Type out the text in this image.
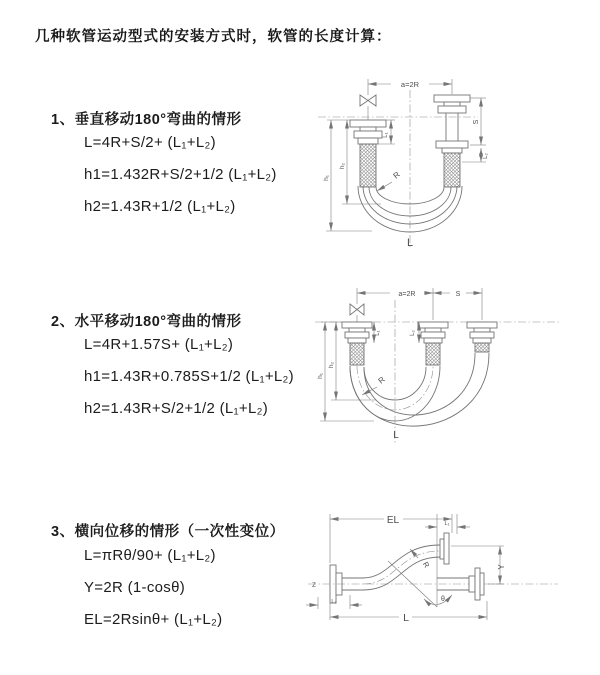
几种软管运动型式的安装方式时，软管的长度计算：
1、垂直移动180°弯曲的情形
L=4R+S/2+ (L₁+L₂)
h1=1.432R+S/2+1/2 (L₁+L₂)
h2=1.43R+1/2 (L₁+L₂)
a=2R
L₁
S
L₂
h₁
h₂
R
L
2、水平移动180°弯曲的情形
L=4R+1.57S+ (L₁+L₂)
h1=1.43R+0.785S+1/2 (L₁+L₂)
h2=1.43R+S/2+1/2 (L₁+L₂)
a=2R	S
L₁	L₂
h₁
h₂
R
L
3、横向位移的情形（一次性变位）
L=πRθ/90+ (L₁+L₂)
Y=2R (1-cosθ)
EL=2Rsinθ+ (L₁+L₂)
EL	L₁
Z
L₂
Y
θ
R
L
